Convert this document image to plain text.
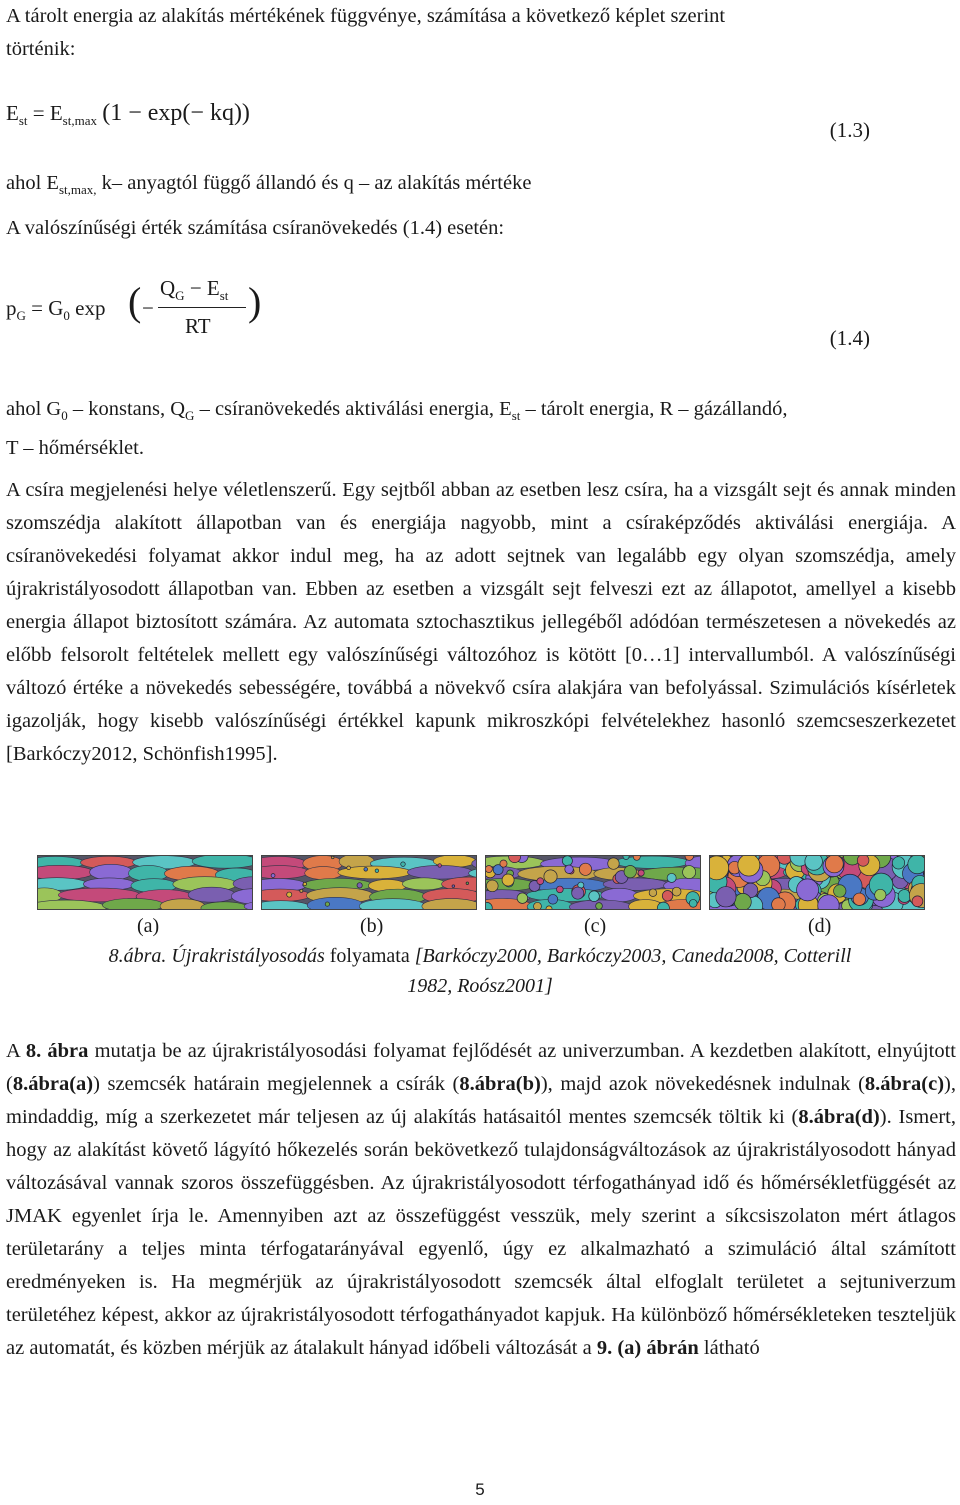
A tárolt energia az alakítás mértékének függvénye, számítása a következő képlet szerint
történik:
$E_{st} = E_{st,max}$ (1 − exp(− kq))
(1.3)
ahol $E_{st,max,}$ k– anyagtól függő állandó és q – az alakítás mértéke
A valószínűségi érték számítása csíranövekedés (1.4) esetén:
$p_G = G_0$ exp ( −
$Q_G - E_{st}$
RT
)
(1.4)
ahol $G_0$ – konstans, $Q_G$ – csíranövekedés aktiválási energia, $E_{st}$ – tárolt energia, R – gázállandó,
T – hőmérséklet.
A csíra megjelenési helye véletlenszerű. Egy sejtből abban az esetben lesz csíra, ha a vizsgált sejt és annak minden szomszédja alakított állapotban van és energiája nagyobb, mint a csíraképződés aktiválási energiája. A csíranövekedési folyamat akkor indul meg, ha az adott sejtnek van legalább egy olyan szomszédja, amely újrakristályosodott állapotban van. Ebben az esetben a vizsgált sejt felveszi ezt az állapotot, amellyel a kisebb energia állapot biztosított számára. Az automata sztochasztikus jellegéből adódóan természetesen a növekedés az előbb felsorolt feltételek mellett egy valószínűségi változóhoz is kötött [0…1] intervallumból. A valószínűségi változó értéke a növekedés sebességére, továbbá a növekvő csíra alakjára van befolyással. Szimulációs kísérletek igazolják, hogy kisebb valószínűségi értékkel kapunk mikroszkópi felvételekhez hasonló szemcseszerkezetet [Barkóczy2012, Schönfish1995].
(a)	(b)	(c)	(d)
8.ábra. Újrakristályosodás folyamata [Barkóczy2000, Barkóczy2003, Caneda2008, Cotterill
1982, Roósz2001]
A 8. ábra mutatja be az újrakristályosodási folyamat fejlődését az univerzumban. A kezdetben alakított, elnyújtott (8.ábra(a)) szemcsék határain megjelennek a csírák (8.ábra(b)), majd azok növekedésnek indulnak (8.ábra(c)), mindaddig, míg a szerkezetet már teljesen az új alakítás hatásaitól mentes szemcsék töltik ki (8.ábra(d)). Ismert, hogy az alakítást követő lágyító hőkezelés során bekövetkező tulajdonságváltozások az újrakristályosodott hányad változásával vannak szoros összefüggésben. Az újrakristályosodott térfogathányad idő és hőmérsékletfüggését az JMAK egyenlet írja le. Amennyiben azt az összefüggést vesszük, mely szerint a síkcsiszolaton mért átlagos területarány a teljes minta térfogatarányával egyenlő, úgy ez alkalmazható a szimuláció által számított eredményeken is. Ha megmérjük az újrakristályosodott szemcsék által elfoglalt területet a sejtuniverzum területéhez képest, akkor az újrakristályosodott térfogathányadot kapjuk. Ha különböző hőmérsékleteken teszteljük az automatát, és közben mérjük az átalakult hányad időbeli változását a 9. (a) ábrán látható
5
